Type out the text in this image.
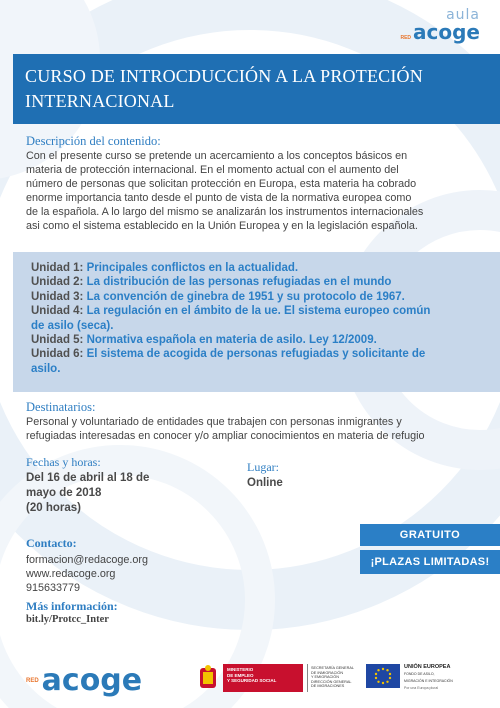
aula
RED acoge
CURSO DE INTROCDUCCIÓN A LA PROTECIÓN
INTERNACIONAL
Descripción del contenido:
Con el presente curso se pretende un acercamiento a los conceptos básicos en
materia de protección internacional. En el momento actual con el aumento del
número de personas que solicitan protección en Europa, esta materia ha cobrado
enorme importancia tanto desde el punto de vista de la normativa europea como
de la española. A lo largo del mismo se analizarán los instrumentos internacionales
asi como el sistema establecido en la Unión Europea y en la legislación española.
Unidad 1: Principales conflictos en la actualidad.
Unidad 2: La distribución de las personas refugiadas en el mundo
Unidad 3: La convención de ginebra de 1951 y su protocolo de 1967.
Unidad 4: La regulación en el ámbito de la ue. El sistema europeo común
de asilo (seca).
Unidad 5: Normativa española en materia de asilo. Ley 12/2009.
Unidad 6: El sistema de acogida de personas refugiadas y solicitante de
asilo.
Destinatarios:
Personal y voluntariado de entidades que trabajen con personas inmigrantes y
refugiadas interesadas en conocer y/o ampliar conocimientos en materia de refugio
Fechas y horas:
Del 16 de abril al 18 de
mayo de 2018
(20 horas)
Lugar:
Online
Contacto:
formacion@redacoge.org
www.redacoge.org
915633779
Más información:
bit.ly/Protcc_Inter
GRATUITO
¡PLAZAS LIMITADAS!
RED acoge	MINISTERIO
DE EMPLEO
Y SEGURIDAD SOCIAL
SECRETARÍA GENERAL
DE INMIGRACIÓN
Y EMIGRACIÓN
DIRECCIÓN GENERAL
DE MIGRACIONES
UNIÓN EUROPEA
FONDO DE ASILO,
MIGRACIÓN E INTEGRACIÓN
Por una Europa plural
